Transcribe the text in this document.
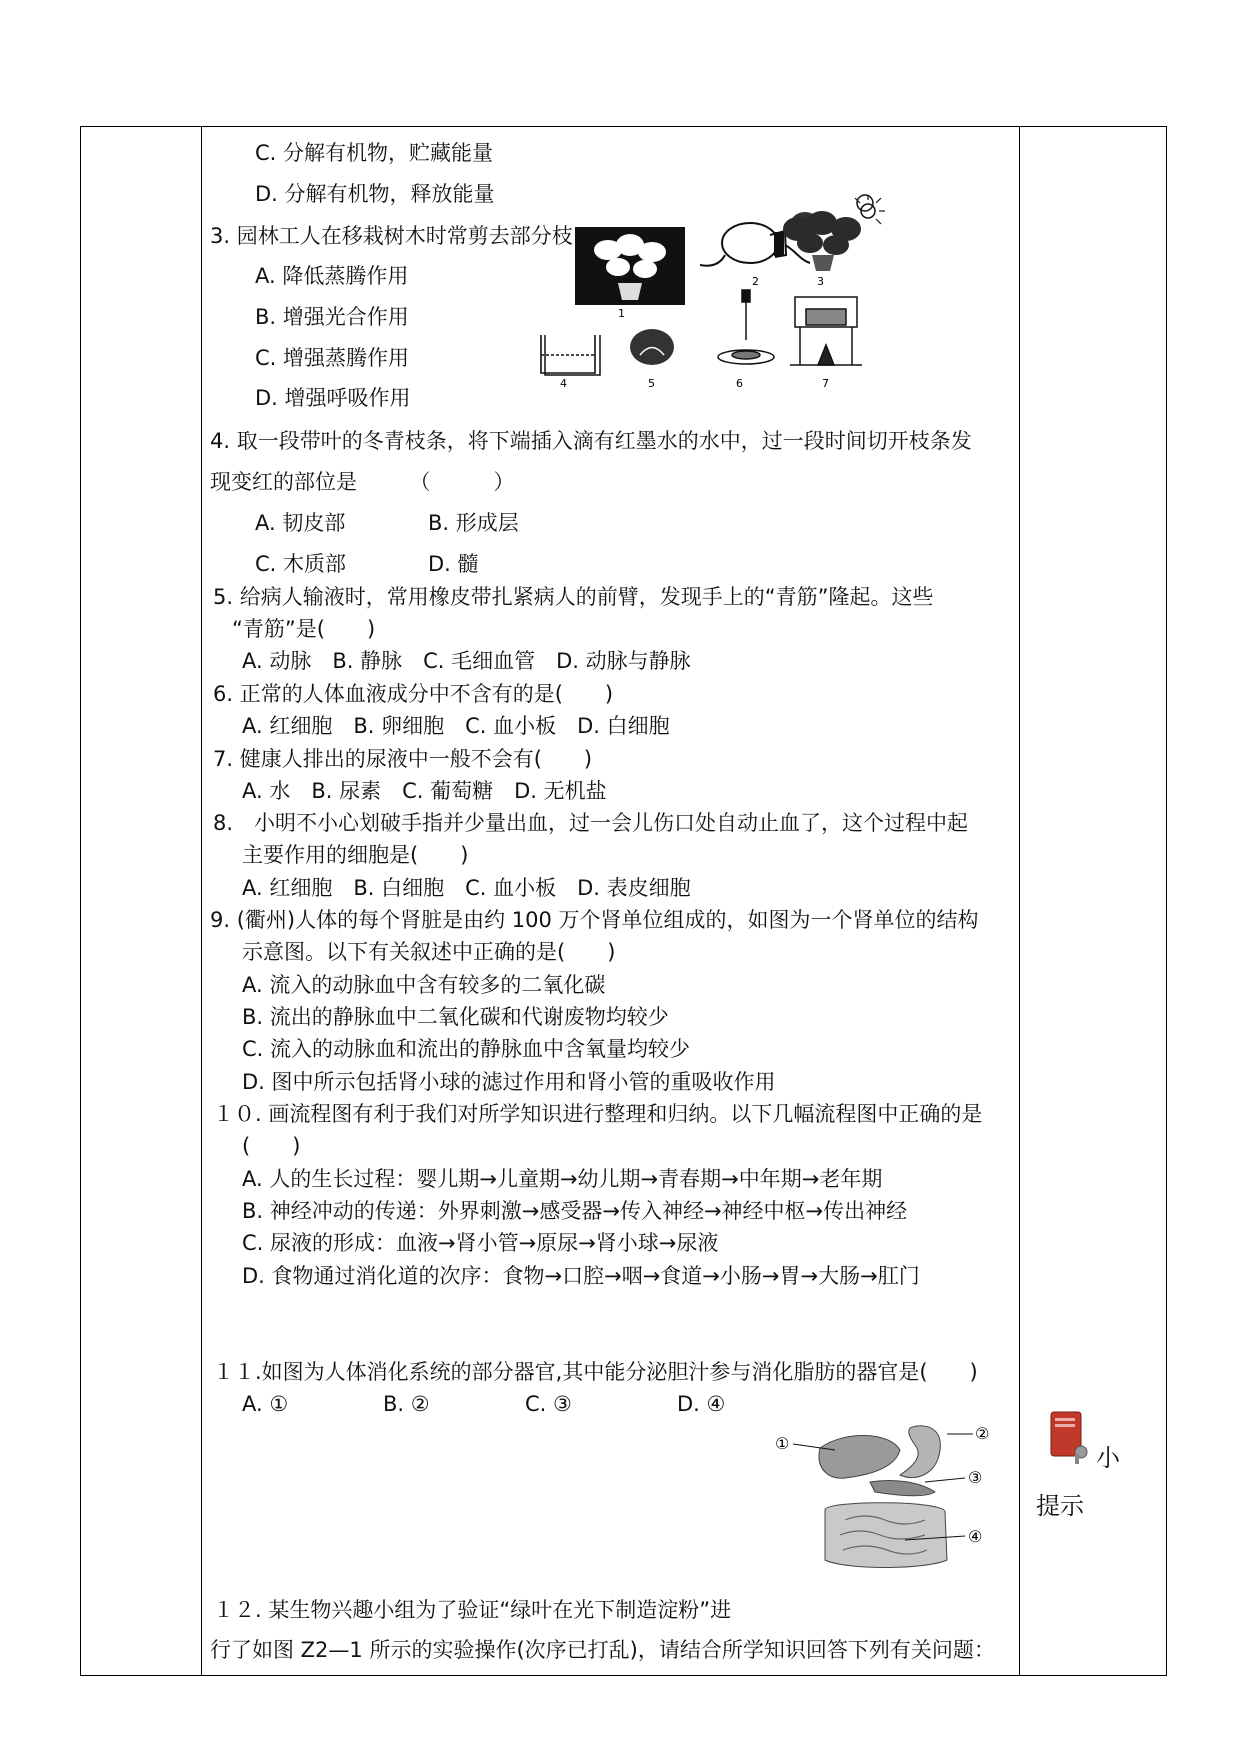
C. 分解有机物，贮藏能量
D. 分解有机物，释放能量
3. 园林工人在移栽树木时常剪去部分枝
A. 降低蒸腾作用
B. 增强光合作用
C. 增强蒸腾作用
D. 增强呼吸作用
1
2	3
4	5	6	7
4. 取一段带叶的冬青枝条，将下端插入滴有红墨水的水中，过一段时间切开枝条发
现变红的部位是　　　（　　　）
A. 韧皮部	B. 形成层
C. 木质部	D. 髓
5. 给病人输液时，常用橡皮带扎紧病人的前臂，发现手上的“青筋”隆起。这些
“青筋”是(　　)
A. 动脉　B. 静脉　C. 毛细血管　D. 动脉与静脉
6. 正常的人体血液成分中不含有的是(　　)
A. 红细胞　B. 卵细胞　C. 血小板　D. 白细胞
7. 健康人排出的尿液中一般不会有(　　)
A. 水　B. 尿素　C. 葡萄糖　D. 无机盐
8.　小明不小心划破手指并少量出血，过一会儿伤口处自动止血了，这个过程中起
主要作用的细胞是(　　)
A. 红细胞　B. 白细胞　C. 血小板　D. 表皮细胞
9. (衢州)人体的每个肾脏是由约 100 万个肾单位组成的，如图为一个肾单位的结构
示意图。以下有关叙述中正确的是(　　)
A. 流入的动脉血中含有较多的二氧化碳
B. 流出的静脉血中二氧化碳和代谢废物均较少
C. 流入的动脉血和流出的静脉血中含氧量均较少
D. 图中所示包括肾小球的滤过作用和肾小管的重吸收作用
１０. 画流程图有利于我们对所学知识进行整理和归纳。以下几幅流程图中正确的是
(　　)
A. 人的生长过程：婴儿期→儿童期→幼儿期→青春期→中年期→老年期
B. 神经冲动的传递：外界刺激→感受器→传入神经→神经中枢→传出神经
C. 尿液的形成：血液→肾小管→原尿→肾小球→尿液
D. 食物通过消化道的次序：食物→口腔→咽→食道→小肠→胃→大肠→肛门
１１.如图为人体消化系统的部分器官,其中能分泌胆汁参与消化脂肪的器官是(　　)
A. ①	B. ②	C. ③	D. ④
①
②
③
④
１２. 某生物兴趣小组为了验证“绿叶在光下制造淀粉”进
行了如图 Z2—1 所示的实验操作(次序已打乱)，请结合所学知识回答下列有关问题：
小
提示
